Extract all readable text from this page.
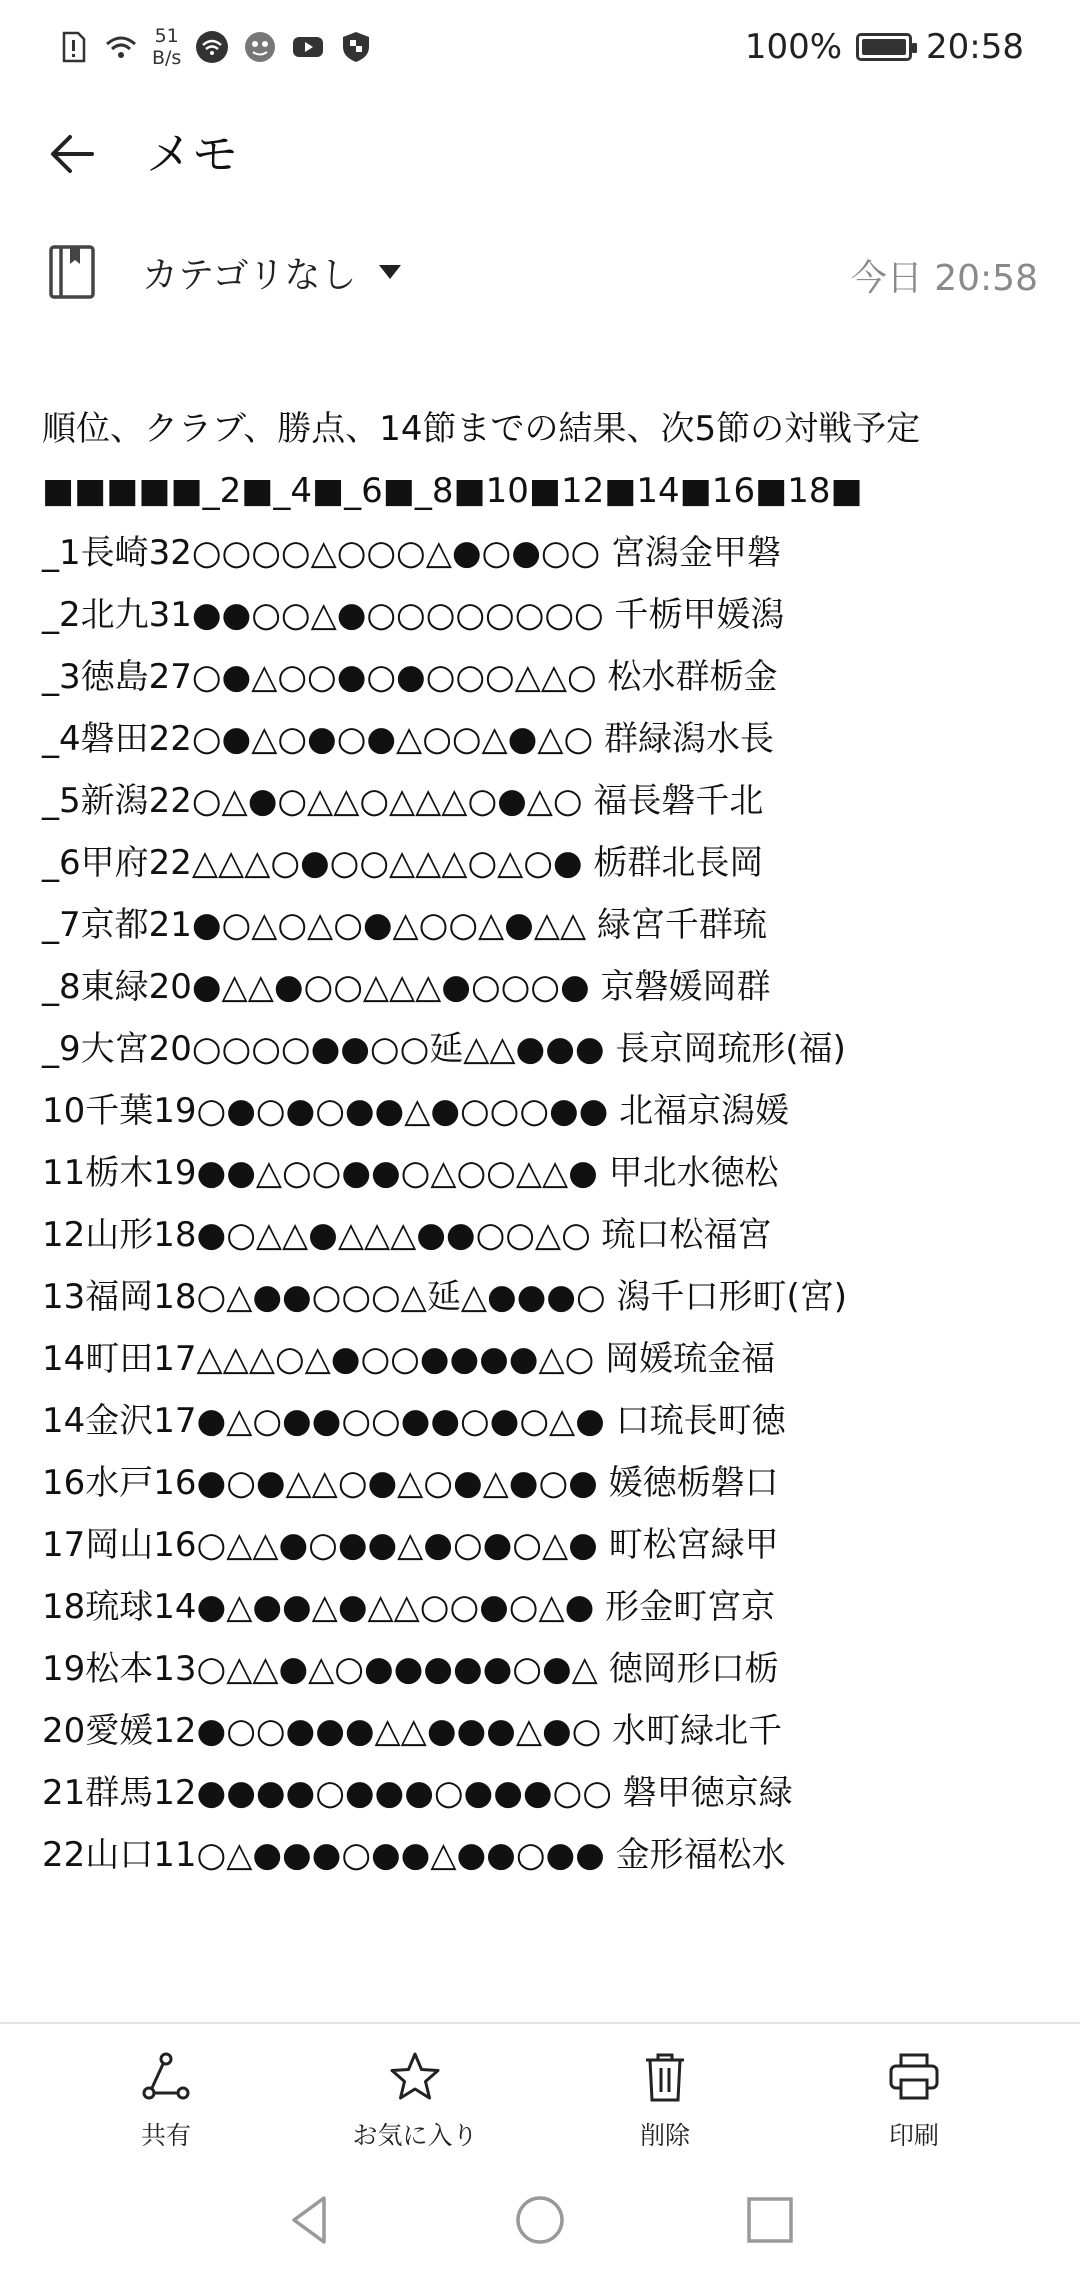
51
B/s	100% 20:58
メモ
カテゴリなし	今日 20:58
順位、クラブ、勝点、14節までの結果、次5節の対戦予定
■■■■■_2■_4■_6■_8■10■12■14■16■18■
_1長崎32○○○○△○○○△●○●○○ 宮潟金甲磐
_2北九31●●○○△●○○○○○○○○ 千栃甲媛潟
_3徳島27○●△○○●○●○○○△△○ 松水群栃金
_4磐田22○●△○●○●△○○△●△○ 群緑潟水長
_5新潟22○△●○△△○△△△○●△○ 福長磐千北
_6甲府22△△△○●○○△△△○△○● 栃群北長岡
_7京都21●○△○△○●△○○△●△△ 緑宮千群琉
_8東緑20●△△●○○△△△●○○○● 京磐媛岡群
_9大宮20○○○○●●○○延△△●●● 長京岡琉形(福)
10千葉19○●○●○●●△●○○○●● 北福京潟媛
11栃木19●●△○○●●○△○○△△● 甲北水徳松
12山形18●○△△●△△△●●○○△○ 琉口松福宮
13福岡18○△●●○○○△延△●●●○ 潟千口形町(宮)
14町田17△△△○△●○○●●●●△○ 岡媛琉金福
14金沢17●△○●●○○●●○●○△● 口琉長町徳
16水戸16●○●△△○●△○●△●○● 媛徳栃磐口
17岡山16○△△●○●●△●○●○△● 町松宮緑甲
18琉球14●△●●△●△△○○●○△● 形金町宮京
19松本13○△△●△○●●●●●○●△ 徳岡形口栃
20愛媛12●○○●●●△△●●●△●○ 水町緑北千
21群馬12●●●●○●●●○●●●○○ 磐甲徳京緑
22山口11○△●●●○●●△●●○●● 金形福松水
共有	お気に入り	削除	印刷
